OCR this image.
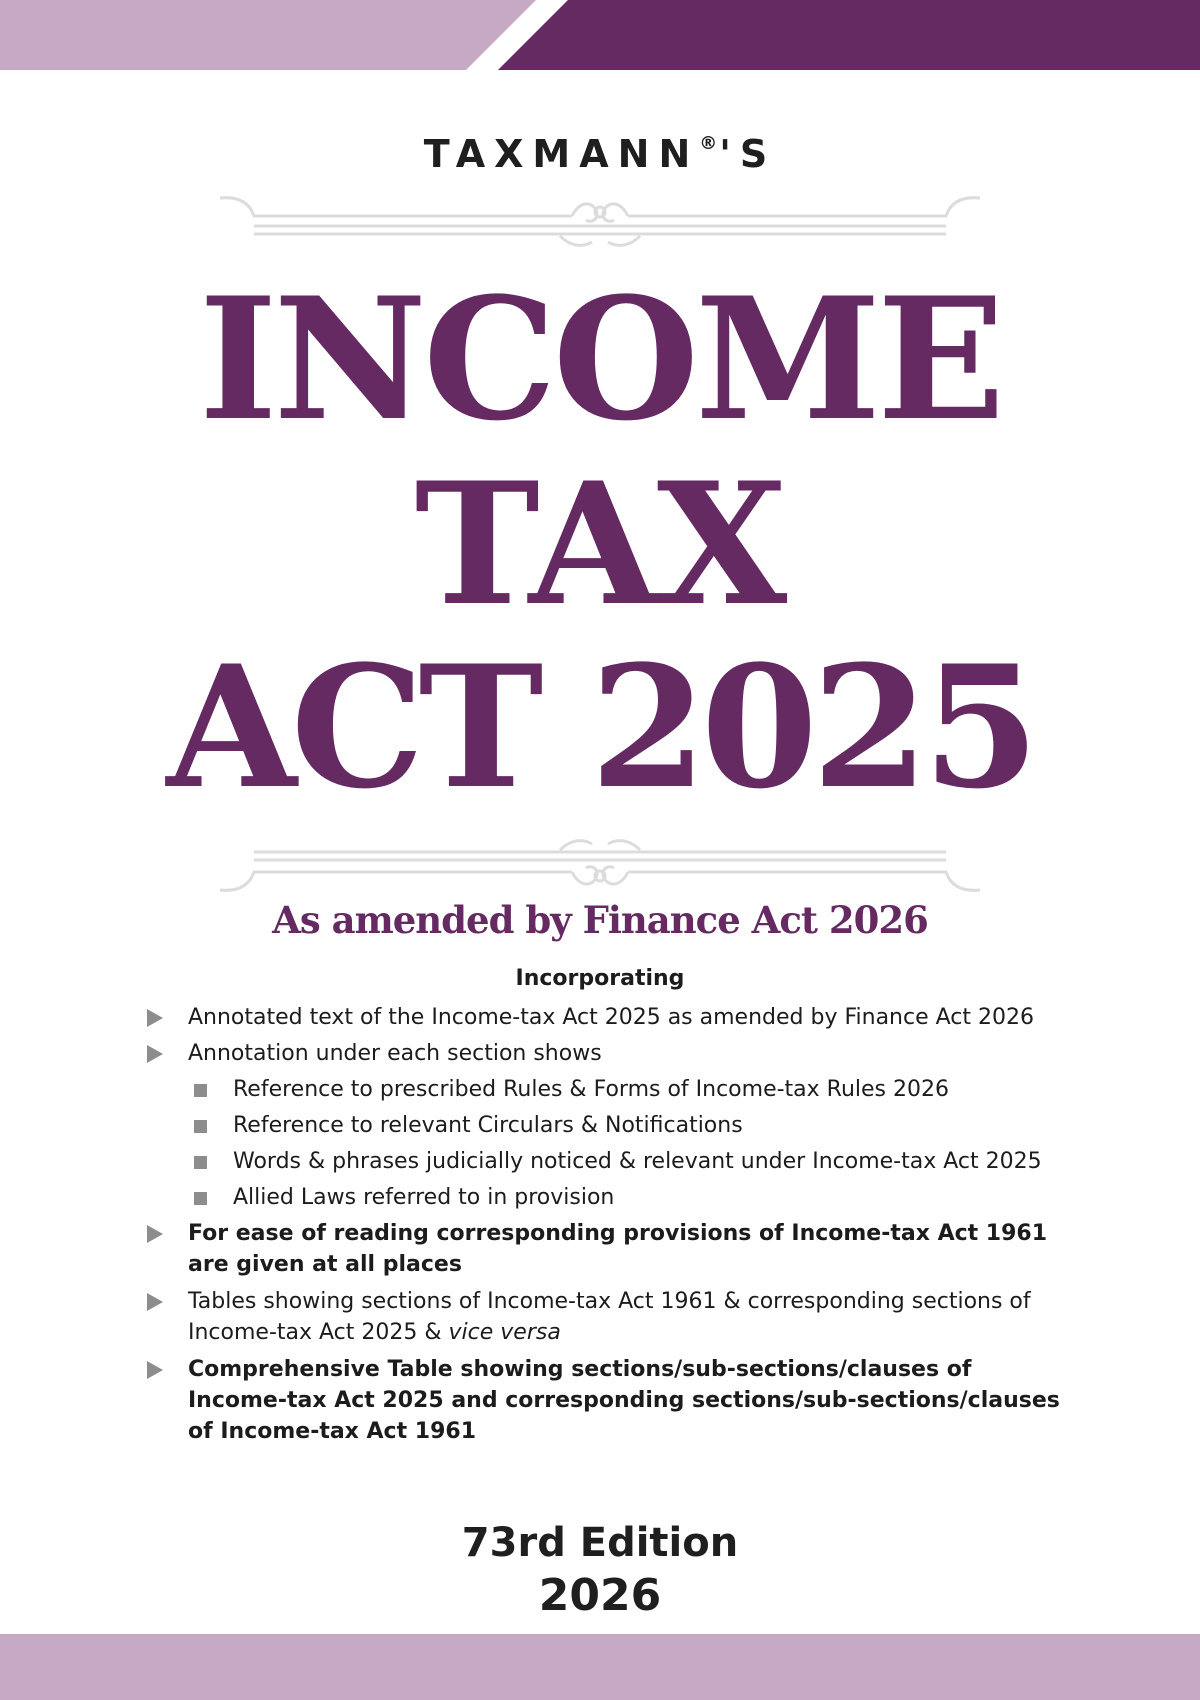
TAXMANN®'S
INCOME
TAX
ACT 2025
As amended by Finance Act 2026
Incorporating
Annotated text of the Income-tax Act 2025 as amended by Finance Act 2026
Annotation under each section shows
Reference to prescribed Rules & Forms of Income-tax Rules 2026
Reference to relevant Circulars & Notifications
Words & phrases judicially noticed & relevant under Income-tax Act 2025
Allied Laws referred to in provision
For ease of reading corresponding provisions of Income-tax Act 1961 are given at all places
Tables showing sections of Income-tax Act 1961 & corresponding sections of Income-tax Act 2025 & vice versa
Comprehensive Table showing sections/sub-sections/clauses of Income-tax Act 2025 and corresponding sections/sub-sections/clauses of Income-tax Act 1961
73rd Edition
2026
